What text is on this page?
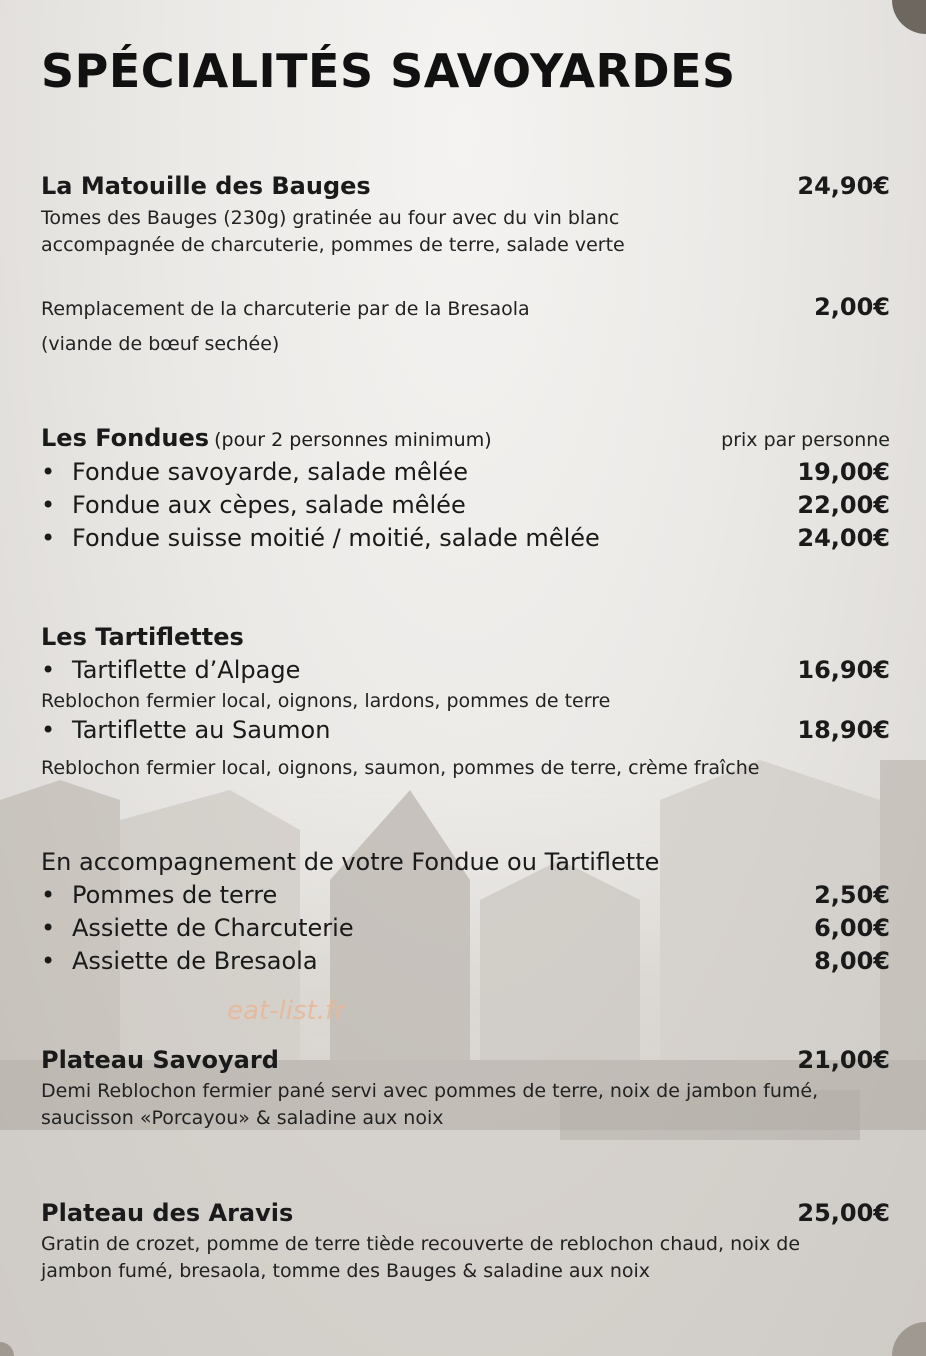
SPÉCIALITÉS SAVOYARDES
La Matouille des Bauges	24,90€
Tomes des Bauges (230g) gratinée au four avec du vin blanc
accompagnée de charcuterie, pommes de terre, salade verte
Remplacement de la charcuterie par de la Bresaola	2,00€
(viande de bœuf sechée)
Les Fondues (pour 2 personnes minimum)	prix par personne
• Fondue savoyarde, salade mêlée	19,00€
• Fondue aux cèpes, salade mêlée	22,00€
• Fondue suisse moitié / moitié, salade mêlée	24,00€
Les Tartiflettes
• Tartiflette d’Alpage	16,90€
Reblochon fermier local, oignons, lardons, pommes de terre
• Tartiflette au Saumon	18,90€
Reblochon fermier local, oignons, saumon, pommes de terre, crème fraîche
En accompagnement de votre Fondue ou Tartiflette
• Pommes de terre	2,50€
• Assiette de Charcuterie	6,00€
• Assiette de Bresaola	8,00€
Plateau Savoyard	21,00€
Demi Reblochon fermier pané servi avec pommes de terre, noix de jambon fumé,
saucisson «Porcayou» & saladine aux noix
Plateau des Aravis	25,00€
Gratin de crozet, pomme de terre tiède recouverte de reblochon chaud, noix de
jambon fumé, bresaola, tomme des Bauges & saladine aux noix
eat-list.fr
